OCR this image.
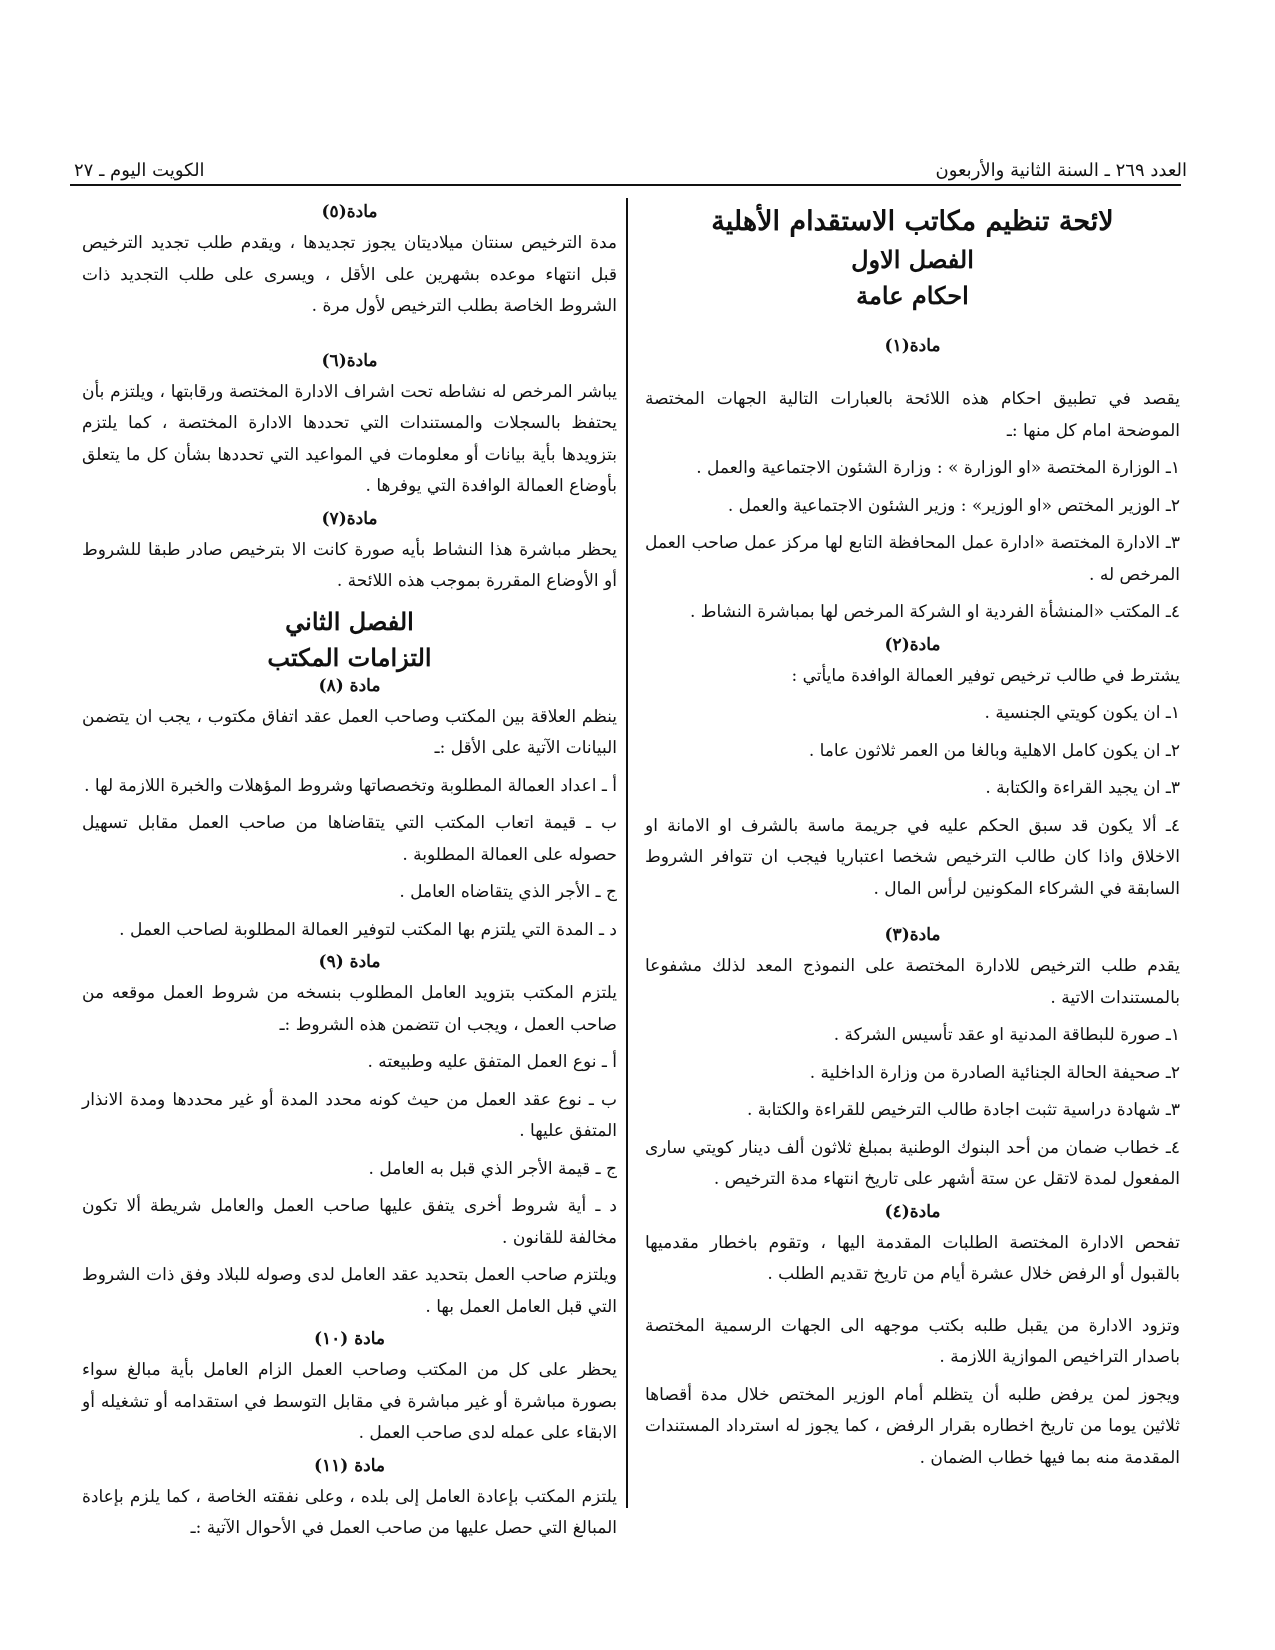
العدد ٢٦٩ ـ السنة الثانية والأربعون
الكويت اليوم ـ ٢٧
لائحة تنظيم مكاتب الاستقدام الأهلية
الفصل الاول
احكام عامة
مادة(١)

يقصد في تطبيق احكام هذه اللائحة بالعبارات التالية الجهات المختصة الموضحة امام كل منها :ـ

١ـ الوزارة المختصة «او الوزارة » : وزارة الشئون الاجتماعية والعمل .

٢ـ الوزير المختص «او الوزير» : وزير الشئون الاجتماعية والعمل .

٣ـ الادارة المختصة «ادارة عمل المحافظة التابع لها مركز عمل صاحب العمل المرخص له .

٤ـ المكتب «المنشأة الفردية او الشركة المرخص لها بمباشرة النشاط .

مادة(٢)

يشترط في طالب ترخيص توفير العمالة الوافدة مايأتي :

١ـ ان يكون كويتي الجنسية .

٢ـ ان يكون كامل الاهلية وبالغا من العمر ثلاثون عاما .

٣ـ ان يجيد القراءة والكتابة .

٤ـ ألا يكون قد سبق الحكم عليه في جريمة ماسة بالشرف او الامانة او الاخلاق واذا كان طالب الترخيص شخصا اعتباريا فيجب ان تتوافر الشروط السابقة في الشركاء المكونين لرأس المال .

مادة(٣)

يقدم طلب الترخيص للادارة المختصة على النموذج المعد لذلك مشفوعا بالمستندات الاتية .

١ـ صورة للبطاقة المدنية او عقد تأسيس الشركة .

٢ـ صحيفة الحالة الجنائية الصادرة من وزارة الداخلية .

٣ـ شهادة دراسية تثبت اجادة طالب الترخيص للقراءة والكتابة .

٤ـ خطاب ضمان من أحد البنوك الوطنية بمبلغ ثلاثون ألف دينار كويتي سارى المفعول لمدة لاتقل عن ستة أشهر على تاريخ انتهاء مدة الترخيص .

مادة(٤)

تفحص الادارة المختصة الطلبات المقدمة اليها ، وتقوم باخطار مقدميها بالقبول أو الرفض خلال عشرة أيام من تاريخ تقديم الطلب .

وتزود الادارة من يقبل طلبه بكتب موجهه الى الجهات الرسمية المختصة باصدار التراخيص الموازية اللازمة .

ويجوز لمن يرفض طلبه أن يتظلم أمام الوزير المختص خلال مدة أقصاها ثلاثين يوما من تاريخ اخطاره بقرار الرفض ، كما يجوز له استرداد المستندات المقدمة منه بما فيها خطاب الضمان .

مادة(٥)

مدة الترخيص سنتان ميلاديتان يجوز تجديدها ، ويقدم طلب تجديد الترخيص قبل انتهاء موعده بشهرين على الأقل ، ويسرى على طلب التجديد ذات الشروط الخاصة بطلب الترخيص لأول مرة .

مادة(٦)

يباشر المرخص له نشاطه تحت اشراف الادارة المختصة ورقابتها ، ويلتزم بأن يحتفظ بالسجلات والمستندات التي تحددها الادارة المختصة ، كما يلتزم بتزويدها بأية بيانات أو معلومات في المواعيد التي تحددها بشأن كل ما يتعلق بأوضاع العمالة الوافدة التي يوفرها .

مادة(٧)

يحظر مباشرة هذا النشاط بأيه صورة كانت الا بترخيص صادر طبقا للشروط أو الأوضاع المقررة بموجب هذه اللائحة .

الفصل الثاني
التزامات المكتب
مادة (٨)

ينظم العلاقة بين المكتب وصاحب العمل عقد اتفاق مكتوب ، يجب ان يتضمن البيانات الآتية على الأقل :ـ

أ ـ اعداد العمالة المطلوبة وتخصصاتها وشروط المؤهلات والخبرة اللازمة لها .

ب ـ قيمة اتعاب المكتب التي يتقاضاها من صاحب العمل مقابل تسهيل حصوله على العمالة المطلوبة .

ج ـ الأجر الذي يتقاضاه العامل .

د ـ المدة التي يلتزم بها المكتب لتوفير العمالة المطلوبة لصاحب العمل .

مادة (٩)

يلتزم المكتب بتزويد العامل المطلوب بنسخه من شروط العمل موقعه من صاحب العمل ، ويجب ان تتضمن هذه الشروط :ـ

أ ـ نوع العمل المتفق عليه وطبيعته .

ب ـ نوع عقد العمل من حيث كونه محدد المدة أو غير محددها ومدة الانذار المتفق عليها .

ج ـ قيمة الأجر الذي قبل به العامل .

د ـ أية شروط أخرى يتفق عليها صاحب العمل والعامل شريطة ألا تكون مخالفة للقانون .

ويلتزم صاحب العمل بتحديد عقد العامل لدى وصوله للبلاد وفق ذات الشروط التي قبل العامل العمل بها .

مادة (١٠)

يحظر على كل من المكتب وصاحب العمل الزام العامل بأية مبالغ سواء بصورة مباشرة أو غير مباشرة في مقابل التوسط في استقدامه أو تشغيله أو الابقاء على عمله لدى صاحب العمل .

مادة (١١)

يلتزم المكتب بإعادة العامل إلى بلده ، وعلى نفقته الخاصة ، كما يلزم بإعادة المبالغ التي حصل عليها من صاحب العمل في الأحوال الآتية :ـ
